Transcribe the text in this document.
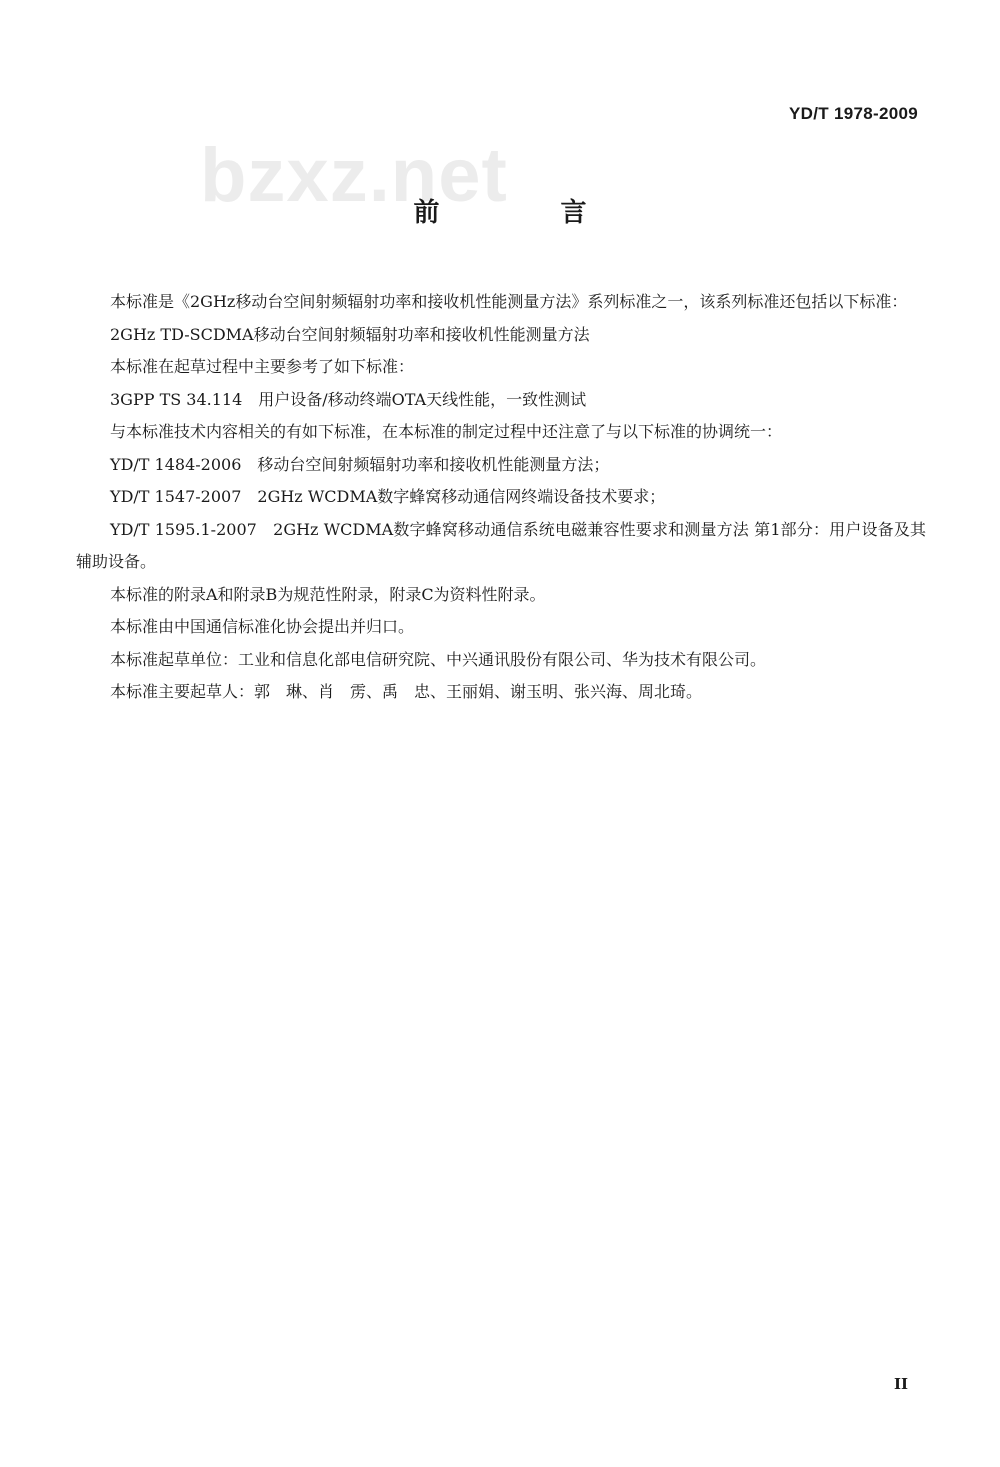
YD/T 1978-2009
bzxz.net
前 言

本标准是《2GHz移动台空间射频辐射功率和接收机性能测量方法》系列标准之一，该系列标准还包括以下标准：

2GHz TD-SCDMA移动台空间射频辐射功率和接收机性能测量方法

本标准在起草过程中主要参考了如下标准：

3GPP TS 34.114　用户设备/移动终端OTA天线性能，一致性测试

与本标准技术内容相关的有如下标准，在本标准的制定过程中还注意了与以下标准的协调统一：

YD/T 1484-2006　移动台空间射频辐射功率和接收机性能测量方法；

YD/T 1547-2007　2GHz WCDMA数字蜂窝移动通信网终端设备技术要求；

YD/T 1595.1-2007　2GHz WCDMA数字蜂窝移动通信系统电磁兼容性要求和测量方法 第1部分：用户设备及其辅助设备。

本标准的附录A和附录B为规范性附录，附录C为资料性附录。

本标准由中国通信标准化协会提出并归口。

本标准起草单位：工业和信息化部电信研究院、中兴通讯股份有限公司、华为技术有限公司。

本标准主要起草人：郭　琳、肖　雳、禹　忠、王丽娟、谢玉明、张兴海、周北琦。

II
